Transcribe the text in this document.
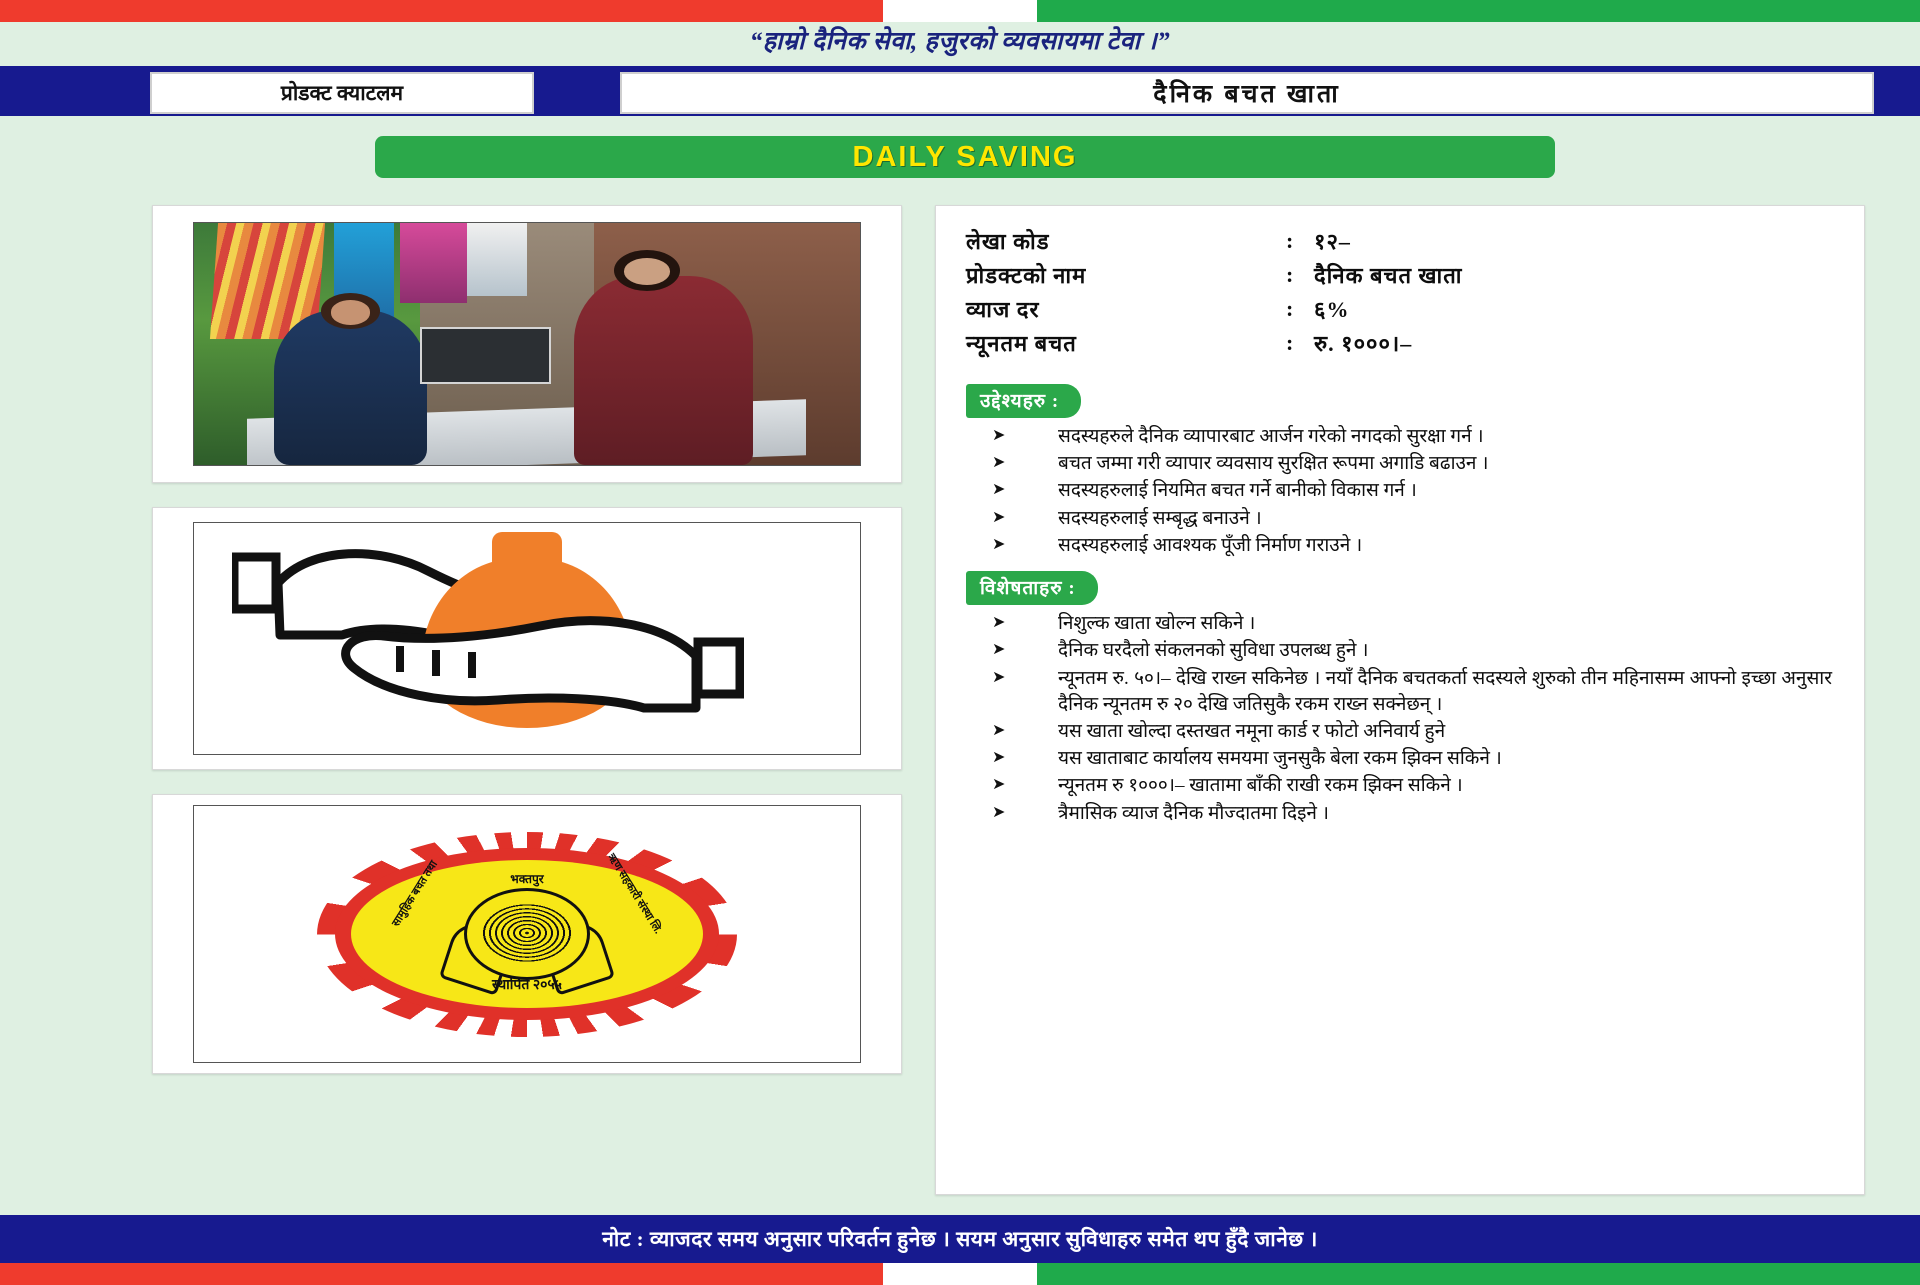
“हाम्रो दैनिक सेवा, हजुरको व्यवसायमा टेवा ।”
प्रोडक्ट क्याटलम	दैनिक बचत खाता
DAILY SAVING
भक्तपुर
सामुहिक बचत तथा	ऋण सहकारी संस्था लि.
स्थापित २०५५
लेखा कोड	:	१२–
प्रोडक्टको नाम	:	दैनिक बचत खाता
व्याज दर	:	६%
न्यूनतम बचत	:	रु. १०००।–
उद्देश्यहरु :
➤ सदस्यहरुले दैनिक व्यापारबाट आर्जन गरेको नगदको सुरक्षा गर्न ।
➤ बचत जम्मा गरी व्यापार व्यवसाय सुरक्षित रूपमा अगाडि बढाउन ।
➤ सदस्यहरुलाई नियमित बचत गर्ने बानीको विकास गर्न ।
➤ सदस्यहरुलाई सम्बृद्ध बनाउने ।
➤ सदस्यहरुलाई आवश्यक पूँजी निर्माण गराउने ।
विशेषताहरु :
➤ निशुल्क खाता खोल्न सकिने ।
➤ दैनिक घरदैलो संकलनको सुविधा उपलब्ध हुने ।
➤ न्यूनतम रु. ५०।– देखि राख्न सकिनेछ । नयाँ दैनिक बचतकर्ता सदस्यले शुरुको तीन महिनासम्म आफ्नो इच्छा अनुसार दैनिक न्यूनतम रु २० देखि जतिसुकै रकम राख्न सक्नेछन् ।
➤ यस खाता खोल्दा दस्तखत नमूना कार्ड र फोटो अनिवार्य हुने
➤ यस खाताबाट कार्यालय समयमा जुनसुकै बेला रकम झिक्न सकिने ।
➤ न्यूनतम रु १०००।– खातामा बाँकी राखी रकम झिक्न सकिने ।
➤ त्रैमासिक व्याज दैनिक मौज्दातमा दिइने ।
नोट : व्याजदर समय अनुसार परिवर्तन हुनेछ । सयम अनुसार सुविधाहरु समेत थप हुँदै जानेछ ।
